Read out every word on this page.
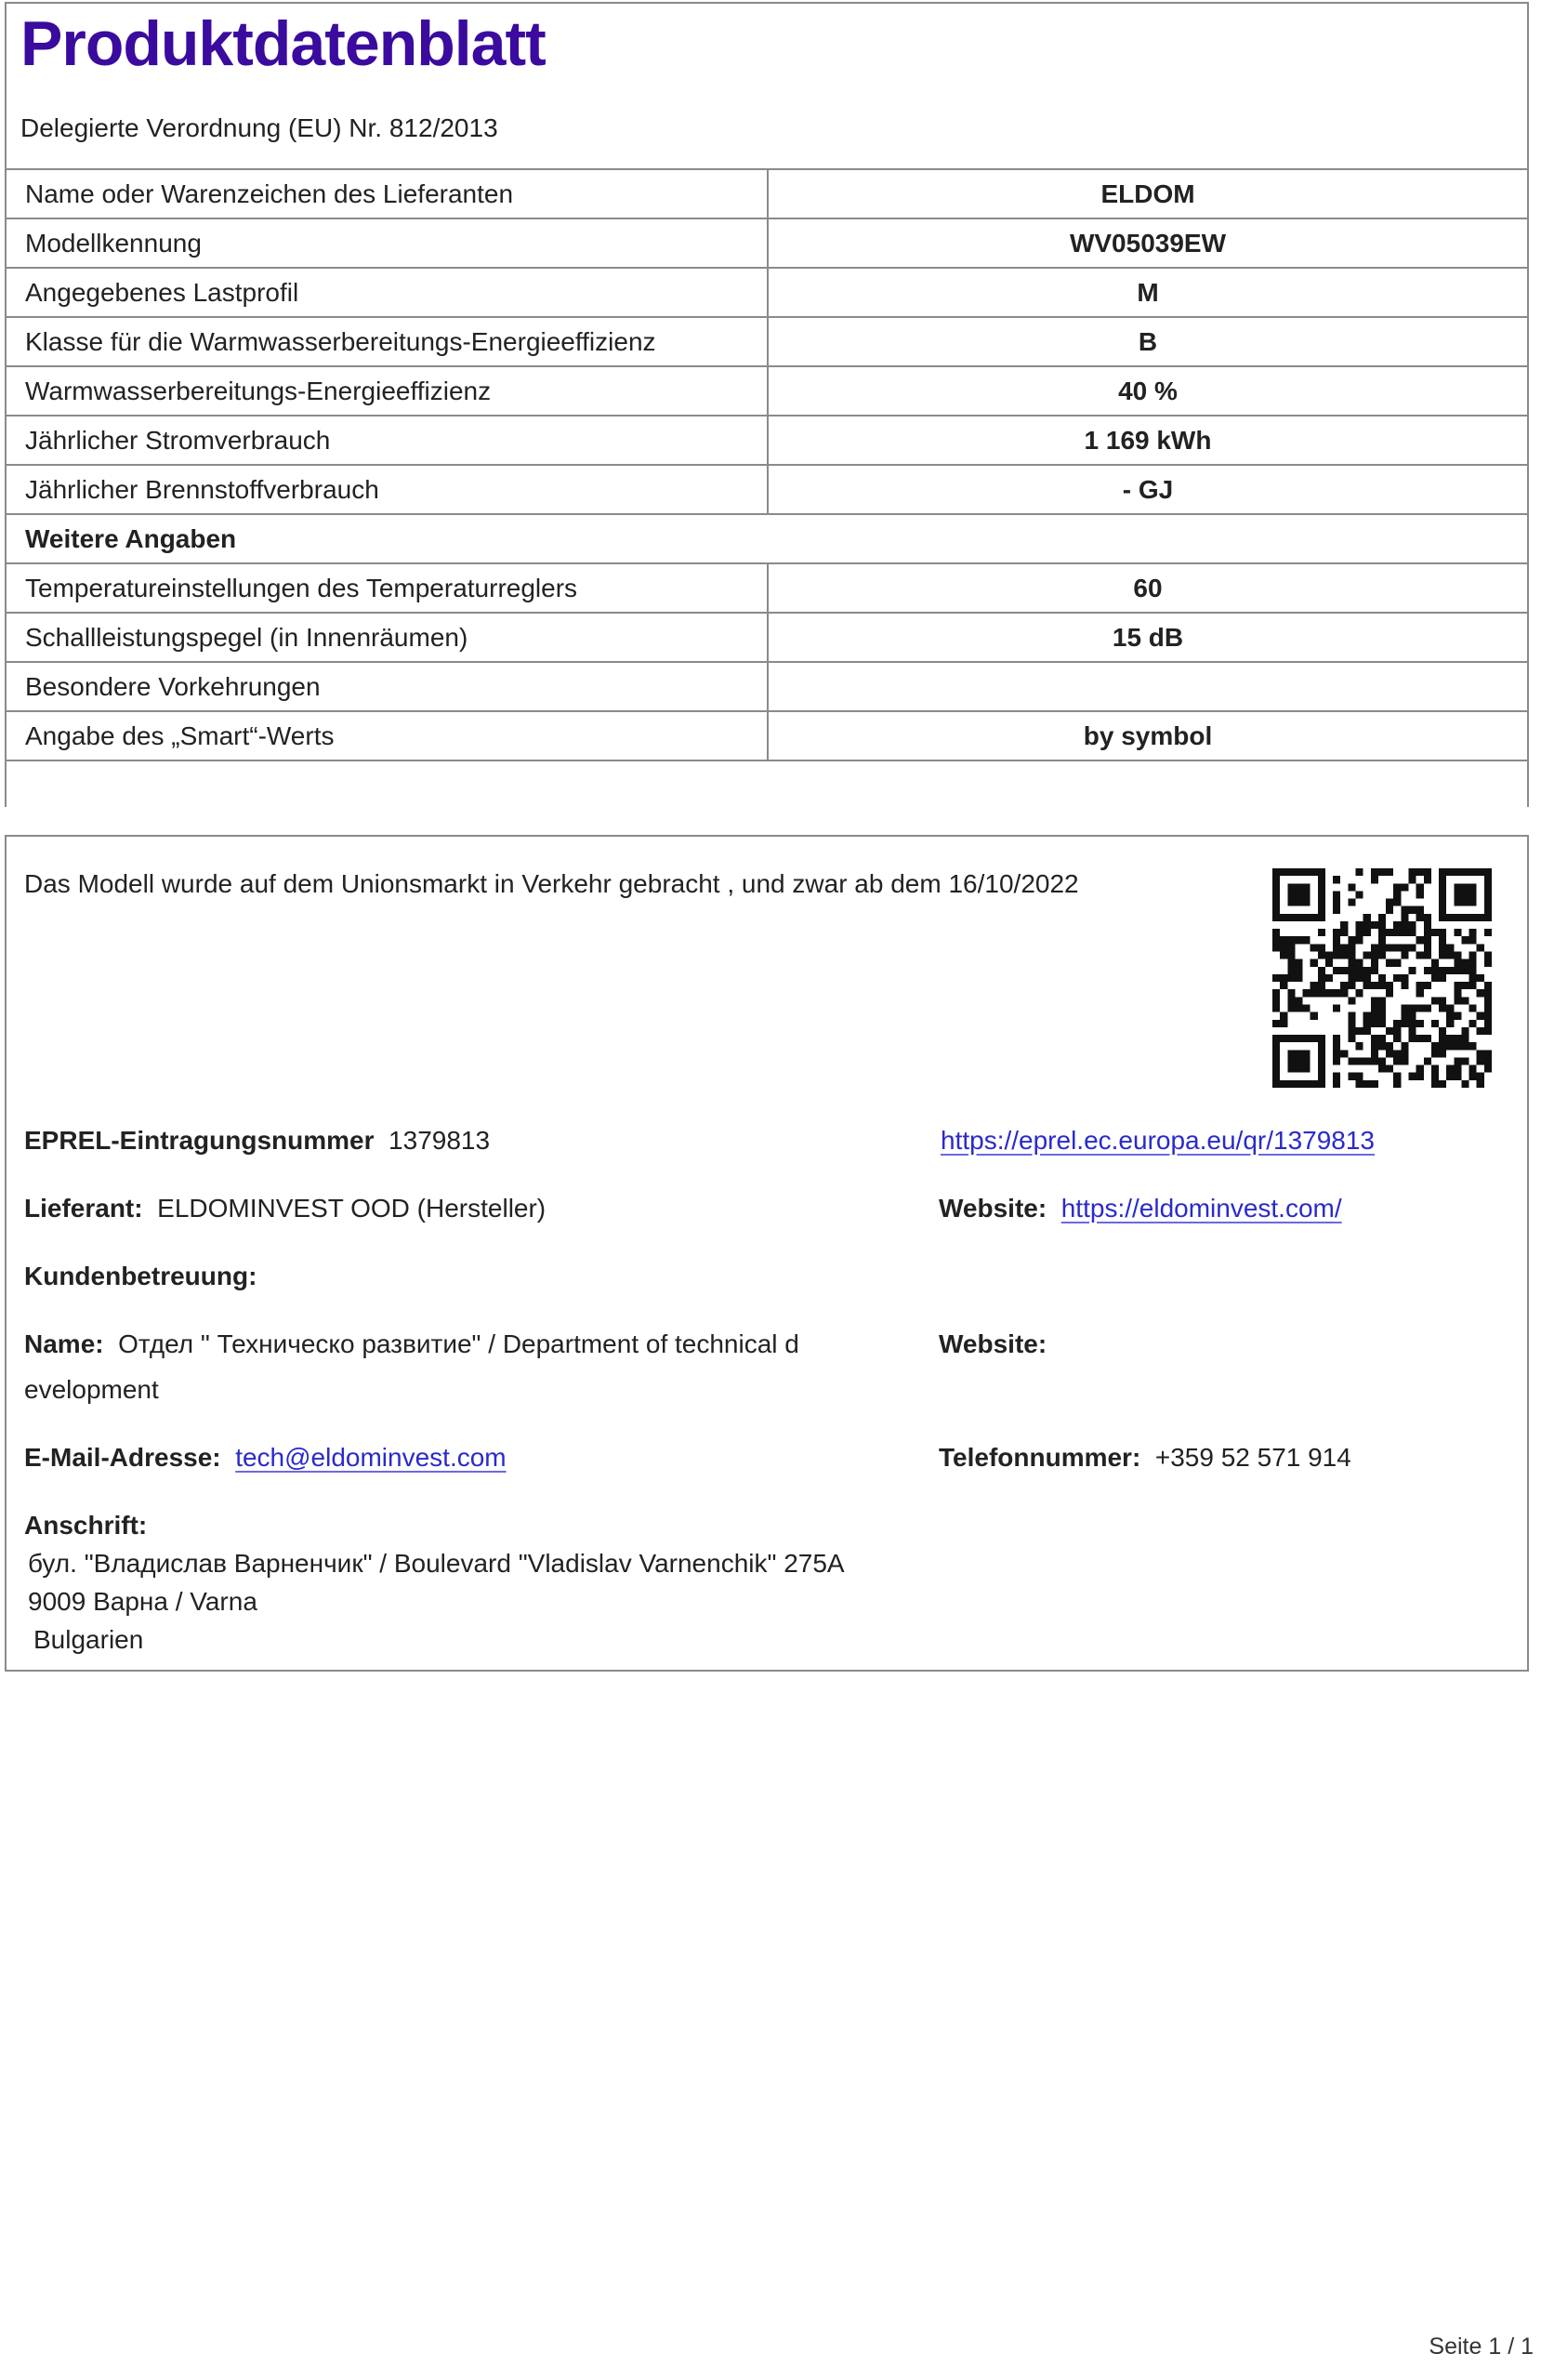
Produktdatenblatt
Delegierte Verordnung (EU) Nr. 812/2013
Name oder Warenzeichen des Lieferanten	ELDOM
Modellkennung	WV05039EW
Angegebenes Lastprofil	M
Klasse für die Warmwasserbereitungs-Energieeffizienz	B
Warmwasserbereitungs-Energieeffizienz	40 %
Jährlicher Stromverbrauch	1 169 kWh
Jährlicher Brennstoffverbrauch	- GJ
Weitere Angaben	
Temperatureinstellungen des Temperaturreglers	60
Schallleistungspegel (in Innenräumen)	15 dB
Besondere Vorkehrungen	
Angabe des „Smart“-Werts	by symbol
Das Modell wurde auf dem Unionsmarkt in Verkehr gebracht , und zwar ab dem 16/10/2022
EPREL-Eintragungsnummer 1379813	https://eprel.ec.europa.eu/qr/1379813
Lieferant: ELDOMINVEST OOD (Hersteller)	Website: https://eldominvest.com/
Kundenbetreuung:
Name: Отдел " Техническо развитие" / Department of technical d
evelopment
Website:
E-Mail-Adresse: tech@eldominvest.com	Telefonnummer: +359 52 571 914
Anschrift:
бул. "Владислав Варненчик" / Boulevard "Vladislav Varnenchik" 275A
9009 Варна / Varna
Bulgarien
Seite 1 / 1
